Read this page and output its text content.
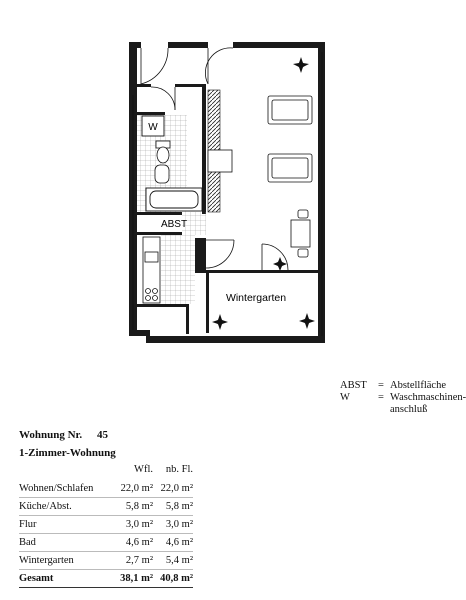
W
ABST
Wintergarten
ABST	= Abstellfläche
W	= Waschmaschinen-anschluß
Wohnung Nr.	45
1-Zimmer-Wohnung
	Wfl.	nb. Fl.
Wohnen/Schlafen	22,0 m²	22,0 m²
Küche/Abst.	5,8 m²	5,8 m²
Flur	3,0 m²	3,0 m²
Bad	4,6 m²	4,6 m²
Wintergarten	2,7 m²	5,4 m²
Gesamt	38,1 m²	40,8 m²
